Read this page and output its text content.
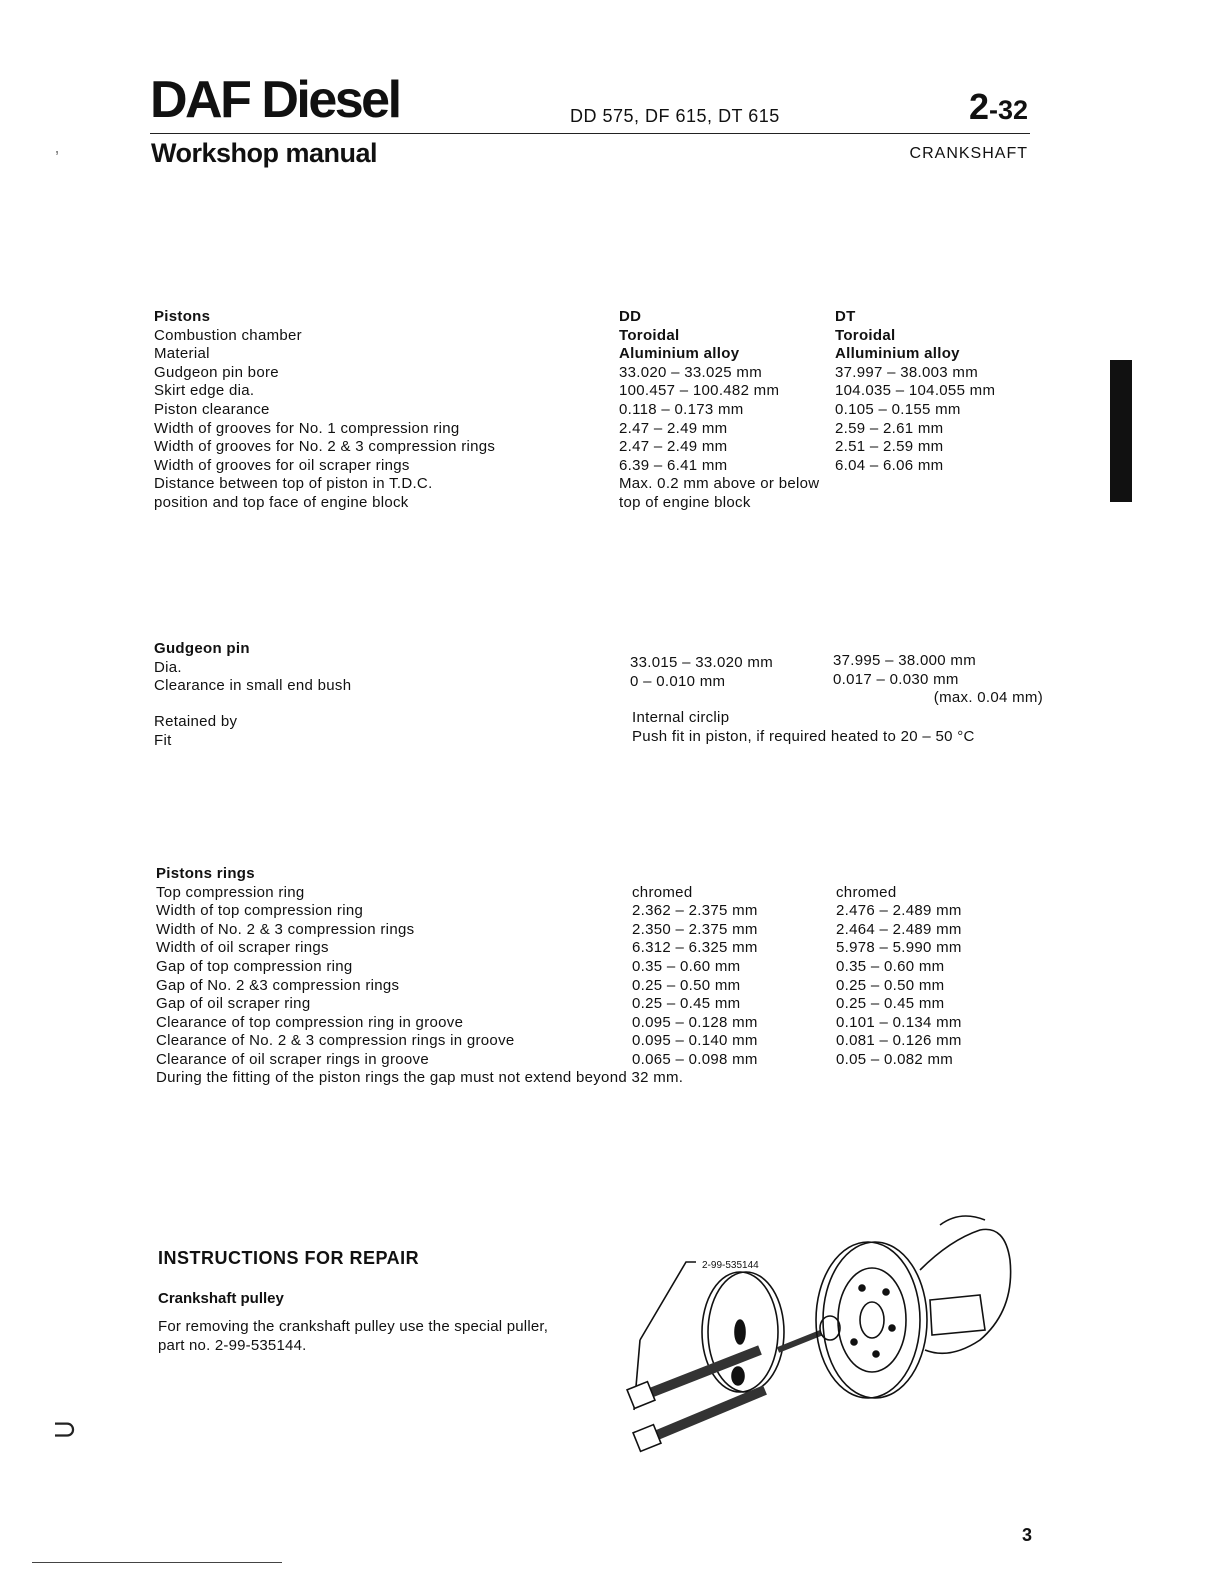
DAF Diesel
Workshop manual
DD 575, DF 615, DT 615	2-32
CRANKSHAFT
’
⊃
Pistons
Combustion chamber
Material
Gudgeon pin bore
Skirt edge dia.
Piston clearance
Width of grooves for No. 1 compression ring
Width of grooves for No. 2 & 3 compression rings
Width of grooves for oil scraper rings
Distance between top of piston in T.D.C.
position and top face of engine block
DD
Toroidal
Aluminium alloy
33.020 – 33.025 mm
100.457 – 100.482 mm
0.118 – 0.173 mm
2.47 – 2.49 mm
2.47 – 2.49 mm
6.39 – 6.41 mm
Max. 0.2 mm above or below
top of engine block
DT
Toroidal
Alluminium alloy
37.997 – 38.003 mm
104.035 – 104.055 mm
0.105 – 0.155 mm
2.59 – 2.61 mm
2.51 – 2.59 mm
6.04 – 6.06 mm
Gudgeon pin
Dia.
Clearance in small end bush
33.015 – 33.020 mm
0 – 0.010 mm
37.995 – 38.000 mm
0.017 – 0.030 mm
(max. 0.04 mm)
Retained by
Fit
Internal circlip
Push fit in piston, if required heated to 20 – 50 °C
Pistons rings
Top compression ring
Width of top compression ring
Width of No. 2 & 3 compression rings
Width of oil scraper rings
Gap of top compression ring
Gap of No. 2 &3 compression rings
Gap of oil scraper ring
Clearance of top compression ring in groove
Clearance of No. 2 & 3 compression rings in groove
Clearance of oil scraper rings in groove
chromed
2.362 – 2.375 mm
2.350 – 2.375 mm
6.312 – 6.325 mm
0.35 – 0.60 mm
0.25 – 0.50 mm
0.25 – 0.45 mm
0.095 – 0.128 mm
0.095 – 0.140 mm
0.065 – 0.098 mm
chromed
2.476 – 2.489 mm
2.464 – 2.489 mm
5.978 – 5.990 mm
0.35 – 0.60 mm
0.25 – 0.50 mm
0.25 – 0.45 mm
0.101 – 0.134 mm
0.081 – 0.126 mm
0.05 – 0.082 mm
During the fitting of the piston rings the gap must not extend beyond 32 mm.
INSTRUCTIONS FOR REPAIR
Crankshaft pulley
For removing the crankshaft pulley use the special puller, part no. 2-99-535144.
2-99-535144
3
